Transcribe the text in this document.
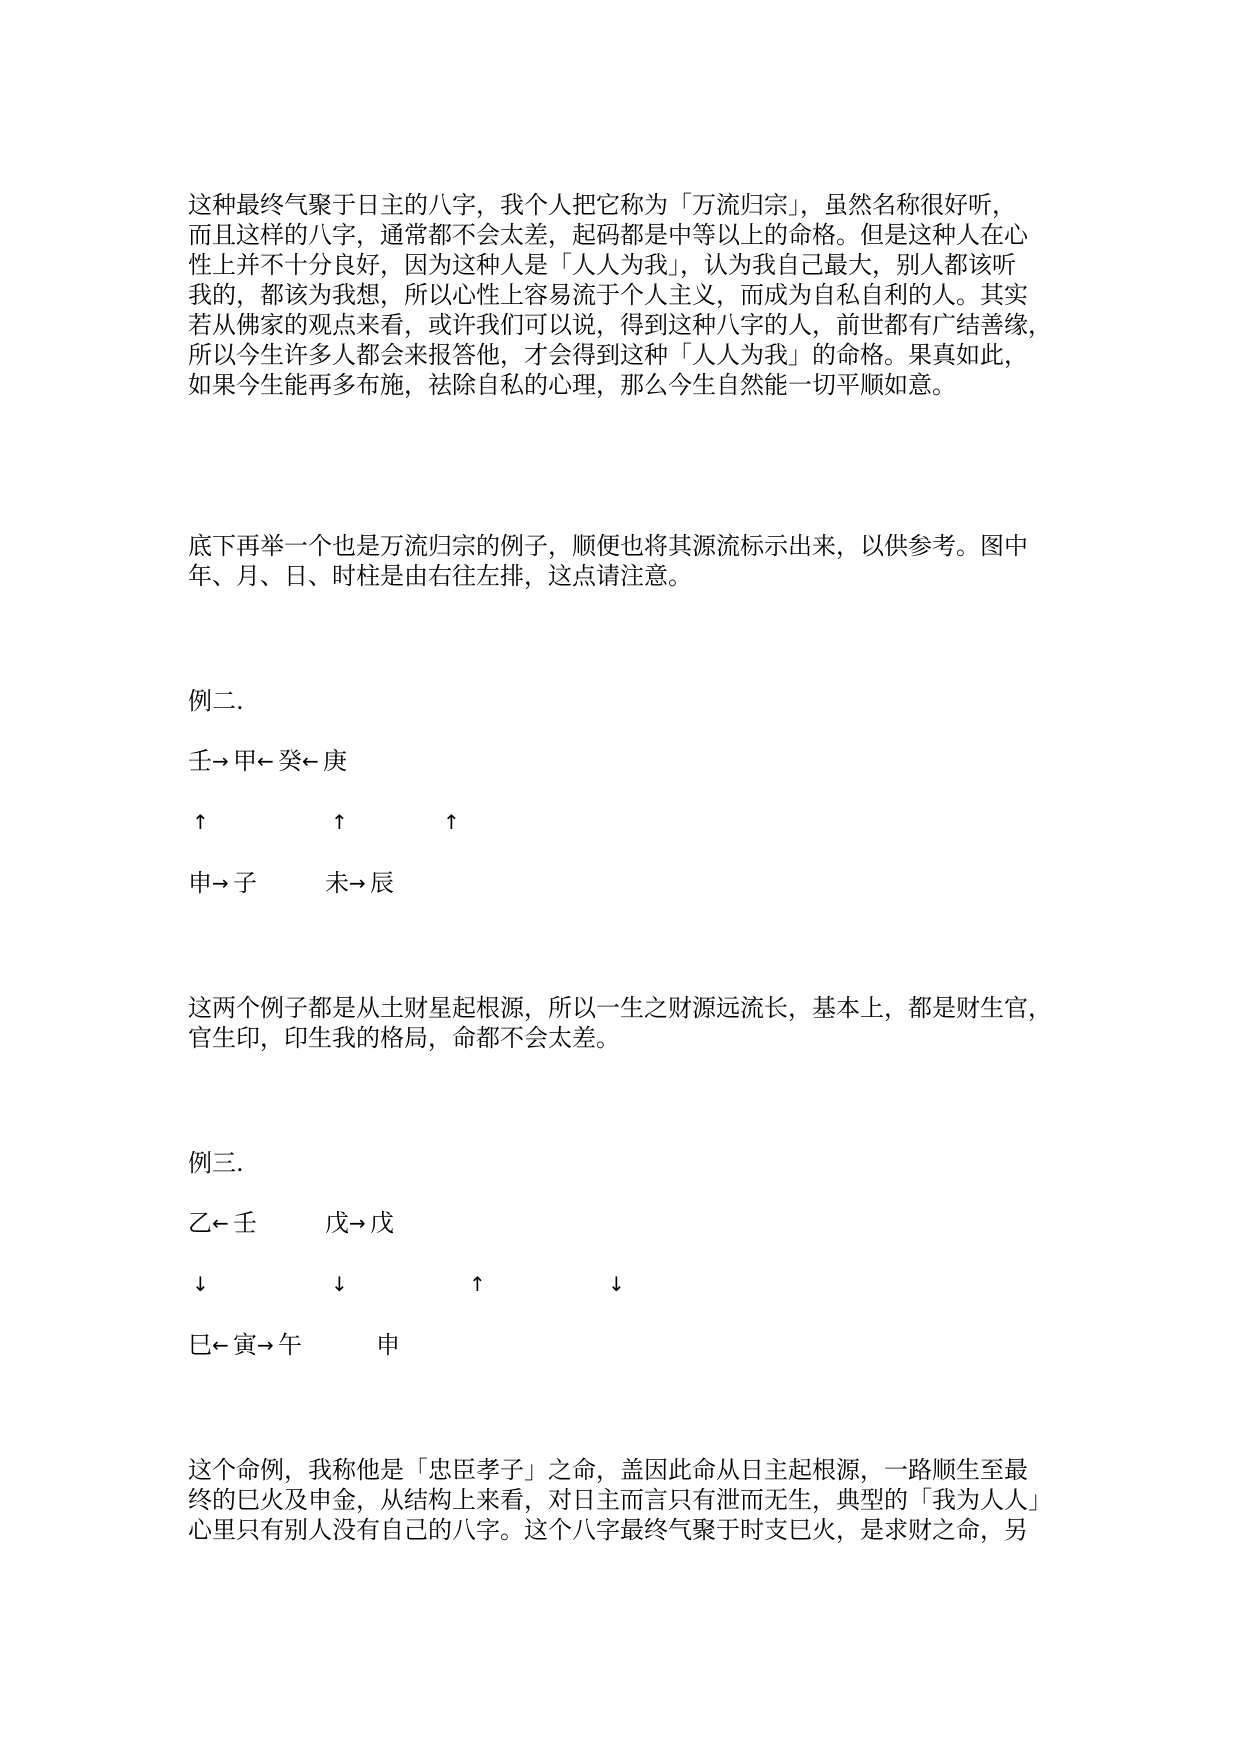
这种最终气聚于日主的八字，我个人把它称为「万流归宗」，虽然名称很好听，
而且这样的八字，通常都不会太差，起码都是中等以上的命格。但是这种人在心
性上并不十分良好，因为这种人是「人人为我」，认为我自己最大，别人都该听
我的，都该为我想，所以心性上容易流于个人主义，而成为自私自利的人。其实
若从佛家的观点来看，或许我们可以说，得到这种八字的人，前世都有广结善缘，
所以今生许多人都会来报答他，才会得到这种「人人为我」的命格。果真如此，
如果今生能再多布施，祛除自私的心理，那么今生自然能一切平顺如意。
底下再举一个也是万流归宗的例子，顺便也将其源流标示出来，以供参考。图中
年、月、日、时柱是由右往左排，这点请注意。
例二.
壬 → 甲 ← 癸 ← 庚
↑	↑	↑
申 → 子	未 → 辰
这两个例子都是从土财星起根源，所以一生之财源远流长，基本上，都是财生官，
官生印，印生我的格局，命都不会太差。
例三.
乙 ← 壬	戊 → 戊
↓	↓	↑	↓
巳 ← 寅 → 午	申
这个命例，我称他是「忠臣孝子」之命，盖因此命从日主起根源，一路顺生至最
终的巳火及申金，从结构上来看，对日主而言只有泄而无生，典型的「我为人人」
心里只有别人没有自己的八字。这个八字最终气聚于时支巳火，是求财之命，另
